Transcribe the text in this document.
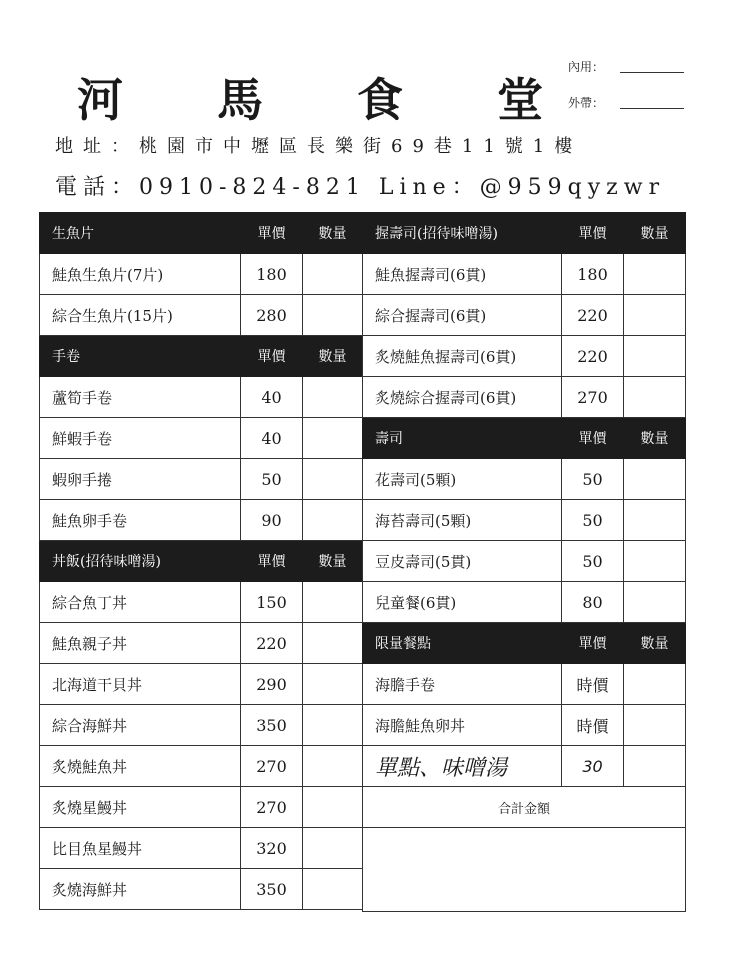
河 馬 食 堂
內用：
外帶：
地址：桃園市中壢區長樂街69巷11號1樓
電話：0910-824-821 Line：@959qyzwr
生魚片	單價	數量
鮭魚生魚片(7片)	180	
綜合生魚片(15片)	280	

手卷	單價	數量
蘆筍手卷	40	
鮮蝦手卷	40	
蝦卵手捲	50	
鮭魚卵手卷	90	

丼飯(招待味噌湯)	單價	數量
綜合魚丁丼	150	
鮭魚親子丼	220	
北海道干貝丼	290	
綜合海鮮丼	350	
炙燒鮭魚丼	270	
炙燒星鰻丼	270	
比目魚星鰻丼	320	
炙燒海鮮丼	350	
握壽司(招待味噌湯)	單價	數量
鮭魚握壽司(6貫)	180	
綜合握壽司(6貫)	220	
炙燒鮭魚握壽司(6貫)	220	
炙燒綜合握壽司(6貫)	270	

壽司	單價	數量
花壽司(5顆)	50	
海苔壽司(5顆)	50	
豆皮壽司(5貫)	50	
兒童餐(6貫)	80	

限量餐點	單價	數量
海膽手卷	時價	
海膽鮭魚卵丼	時價	
單點、味噌湯	30	
合計金額		
